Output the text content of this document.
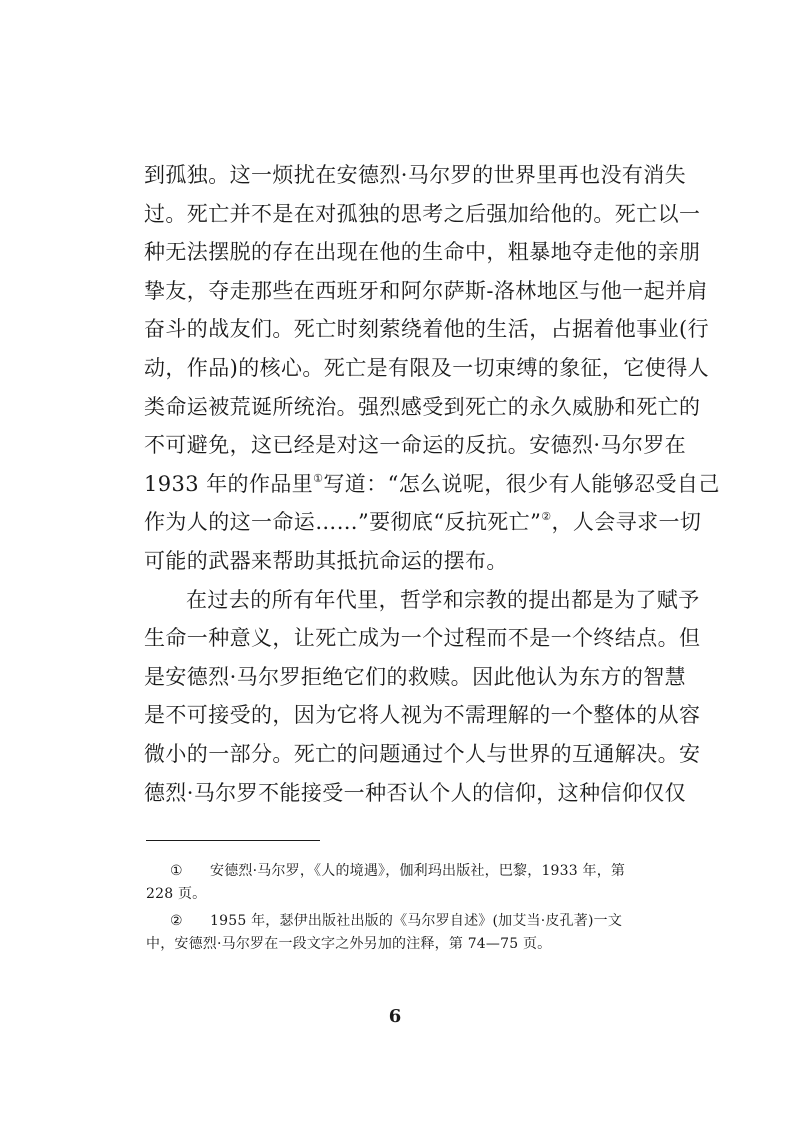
到孤独。这一烦扰在安德烈·马尔罗的世界里再也没有消失
过。死亡并不是在对孤独的思考之后强加给他的。死亡以一
种无法摆脱的存在出现在他的生命中，粗暴地夺走他的亲朋
挚友，夺走那些在西班牙和阿尔萨斯-洛林地区与他一起并肩
奋斗的战友们。死亡时刻萦绕着他的生活，占据着他事业(行
动，作品)的核心。死亡是有限及一切束缚的象征，它使得人
类命运被荒诞所统治。强烈感受到死亡的永久威胁和死亡的
不可避免，这已经是对这一命运的反抗。安德烈·马尔罗在
1933 年的作品里①写道：“怎么说呢，很少有人能够忍受自己
作为人的这一命运……”要彻底“反抗死亡”②，人会寻求一切
可能的武器来帮助其抵抗命运的摆布。
在过去的所有年代里，哲学和宗教的提出都是为了赋予
生命一种意义，让死亡成为一个过程而不是一个终结点。但
是安德烈·马尔罗拒绝它们的救赎。因此他认为东方的智慧
是不可接受的，因为它将人视为不需理解的一个整体的从容
微小的一部分。死亡的问题通过个人与世界的互通解决。安
德烈·马尔罗不能接受一种否认个人的信仰，这种信仰仅仅
① 安德烈·马尔罗，《人的境遇》，伽利玛出版社，巴黎，1933 年，第
228 页。
② 1955 年，瑟伊出版社出版的《马尔罗自述》(加艾当·皮孔著)一文
中，安德烈·马尔罗在一段文字之外另加的注释，第 74—75 页。
6
